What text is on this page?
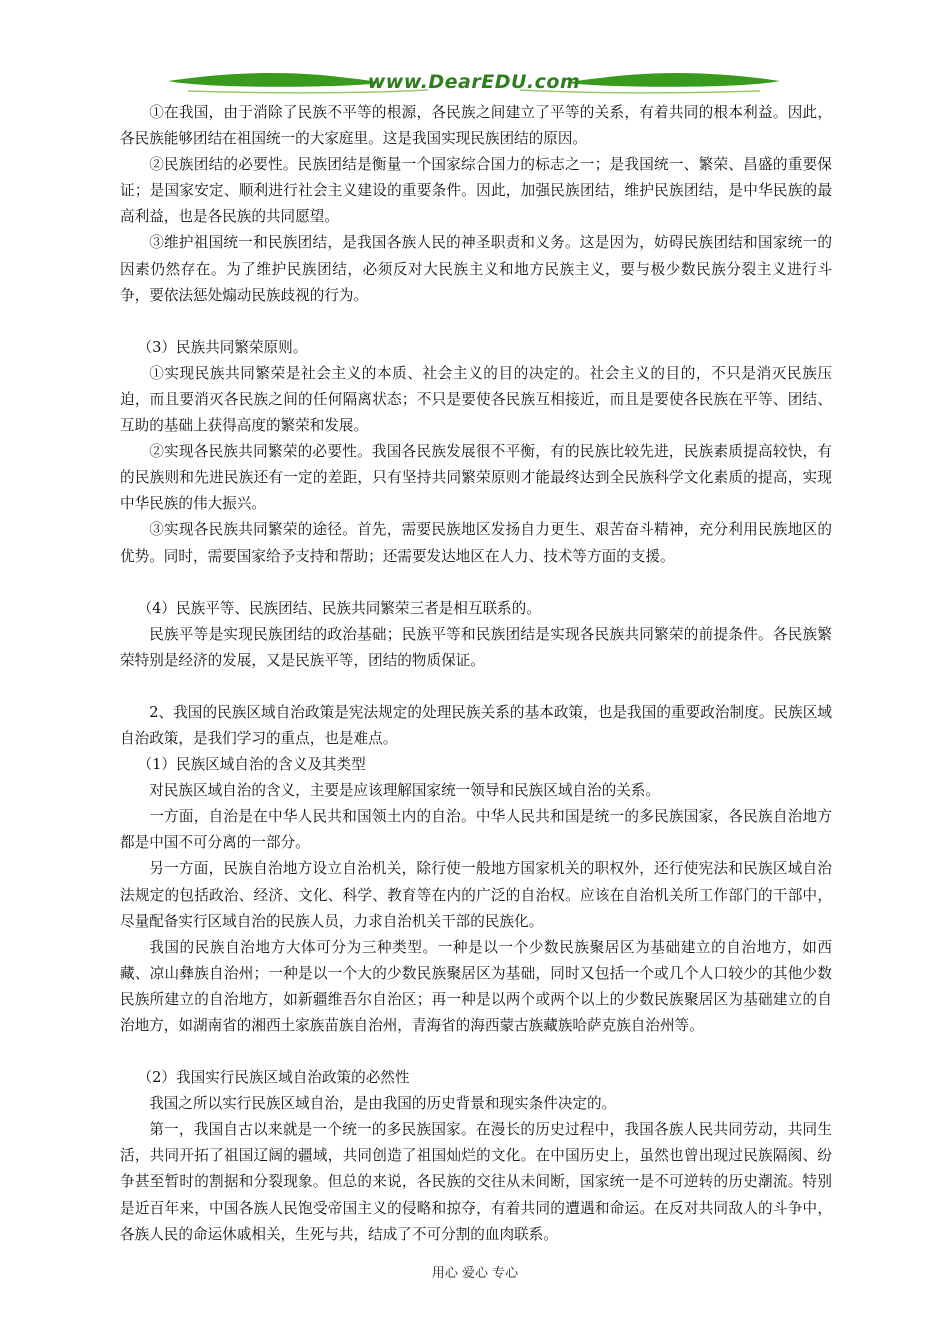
www.DearEDU.com

①在我国，由于消除了民族不平等的根源，各民族之间建立了平等的关系，有着共同的根本利益。因此，各民族能够团结在祖国统一的大家庭里。这是我国实现民族团结的原因。

②民族团结的必要性。民族团结是衡量一个国家综合国力的标志之一；是我国统一、繁荣、昌盛的重要保证；是国家安定、顺利进行社会主义建设的重要条件。因此，加强民族团结，维护民族团结，是中华民族的最高利益，也是各民族的共同愿望。

③维护祖国统一和民族团结，是我国各族人民的神圣职责和义务。这是因为，妨碍民族团结和国家统一的因素仍然存在。为了维护民族团结，必须反对大民族主义和地方民族主义，要与极少数民族分裂主义进行斗争，要依法惩处煽动民族歧视的行为。

（3）民族共同繁荣原则。

①实现民族共同繁荣是社会主义的本质、社会主义的目的决定的。社会主义的目的，不只是消灭民族压迫，而且要消灭各民族之间的任何隔离状态；不只是要使各民族互相接近，而且是要使各民族在平等、团结、互助的基础上获得高度的繁荣和发展。

②实现各民族共同繁荣的必要性。我国各民族发展很不平衡，有的民族比较先进，民族素质提高较快，有的民族则和先进民族还有一定的差距，只有坚持共同繁荣原则才能最终达到全民族科学文化素质的提高，实现中华民族的伟大振兴。

③实现各民族共同繁荣的途径。首先，需要民族地区发扬自力更生、艰苦奋斗精神，充分利用民族地区的优势。同时，需要国家给予支持和帮助；还需要发达地区在人力、技术等方面的支援。

（4）民族平等、民族团结、民族共同繁荣三者是相互联系的。

民族平等是实现民族团结的政治基础；民族平等和民族团结是实现各民族共同繁荣的前提条件。各民族繁荣特别是经济的发展，又是民族平等，团结的物质保证。

2、我国的民族区域自治政策是宪法规定的处理民族关系的基本政策，也是我国的重要政治制度。民族区域自治政策，是我们学习的重点，也是难点。

（1）民族区域自治的含义及其类型

对民族区域自治的含义，主要是应该理解国家统一领导和民族区域自治的关系。

一方面，自治是在中华人民共和国领土内的自治。中华人民共和国是统一的多民族国家，各民族自治地方都是中国不可分离的一部分。

另一方面，民族自治地方设立自治机关，除行使一般地方国家机关的职权外，还行使宪法和民族区域自治法规定的包括政治、经济、文化、科学、教育等在内的广泛的自治权。应该在自治机关所工作部门的干部中，尽量配备实行区域自治的民族人员，力求自治机关干部的民族化。

我国的民族自治地方大体可分为三种类型。一种是以一个少数民族聚居区为基础建立的自治地方，如西藏、凉山彝族自治州；一种是以一个大的少数民族聚居区为基础，同时又包括一个或几个人口较少的其他少数民族所建立的自治地方，如新疆维吾尔自治区；再一种是以两个或两个以上的少数民族聚居区为基础建立的自治地方，如湖南省的湘西土家族苗族自治州，青海省的海西蒙古族藏族哈萨克族自治州等。

（2）我国实行民族区域自治政策的必然性

我国之所以实行民族区域自治，是由我国的历史背景和现实条件决定的。

第一，我国自古以来就是一个统一的多民族国家。在漫长的历史过程中，我国各族人民共同劳动，共同生活，共同开拓了祖国辽阔的疆域，共同创造了祖国灿烂的文化。在中国历史上，虽然也曾出现过民族隔阂、纷争甚至暂时的割据和分裂现象。但总的来说，各民族的交往从未间断，国家统一是不可逆转的历史潮流。特别是近百年来，中国各族人民饱受帝国主义的侵略和掠夺，有着共同的遭遇和命运。在反对共同敌人的斗争中，各族人民的命运休戚相关，生死与共，结成了不可分割的血肉联系。

用心 爱心 专心
